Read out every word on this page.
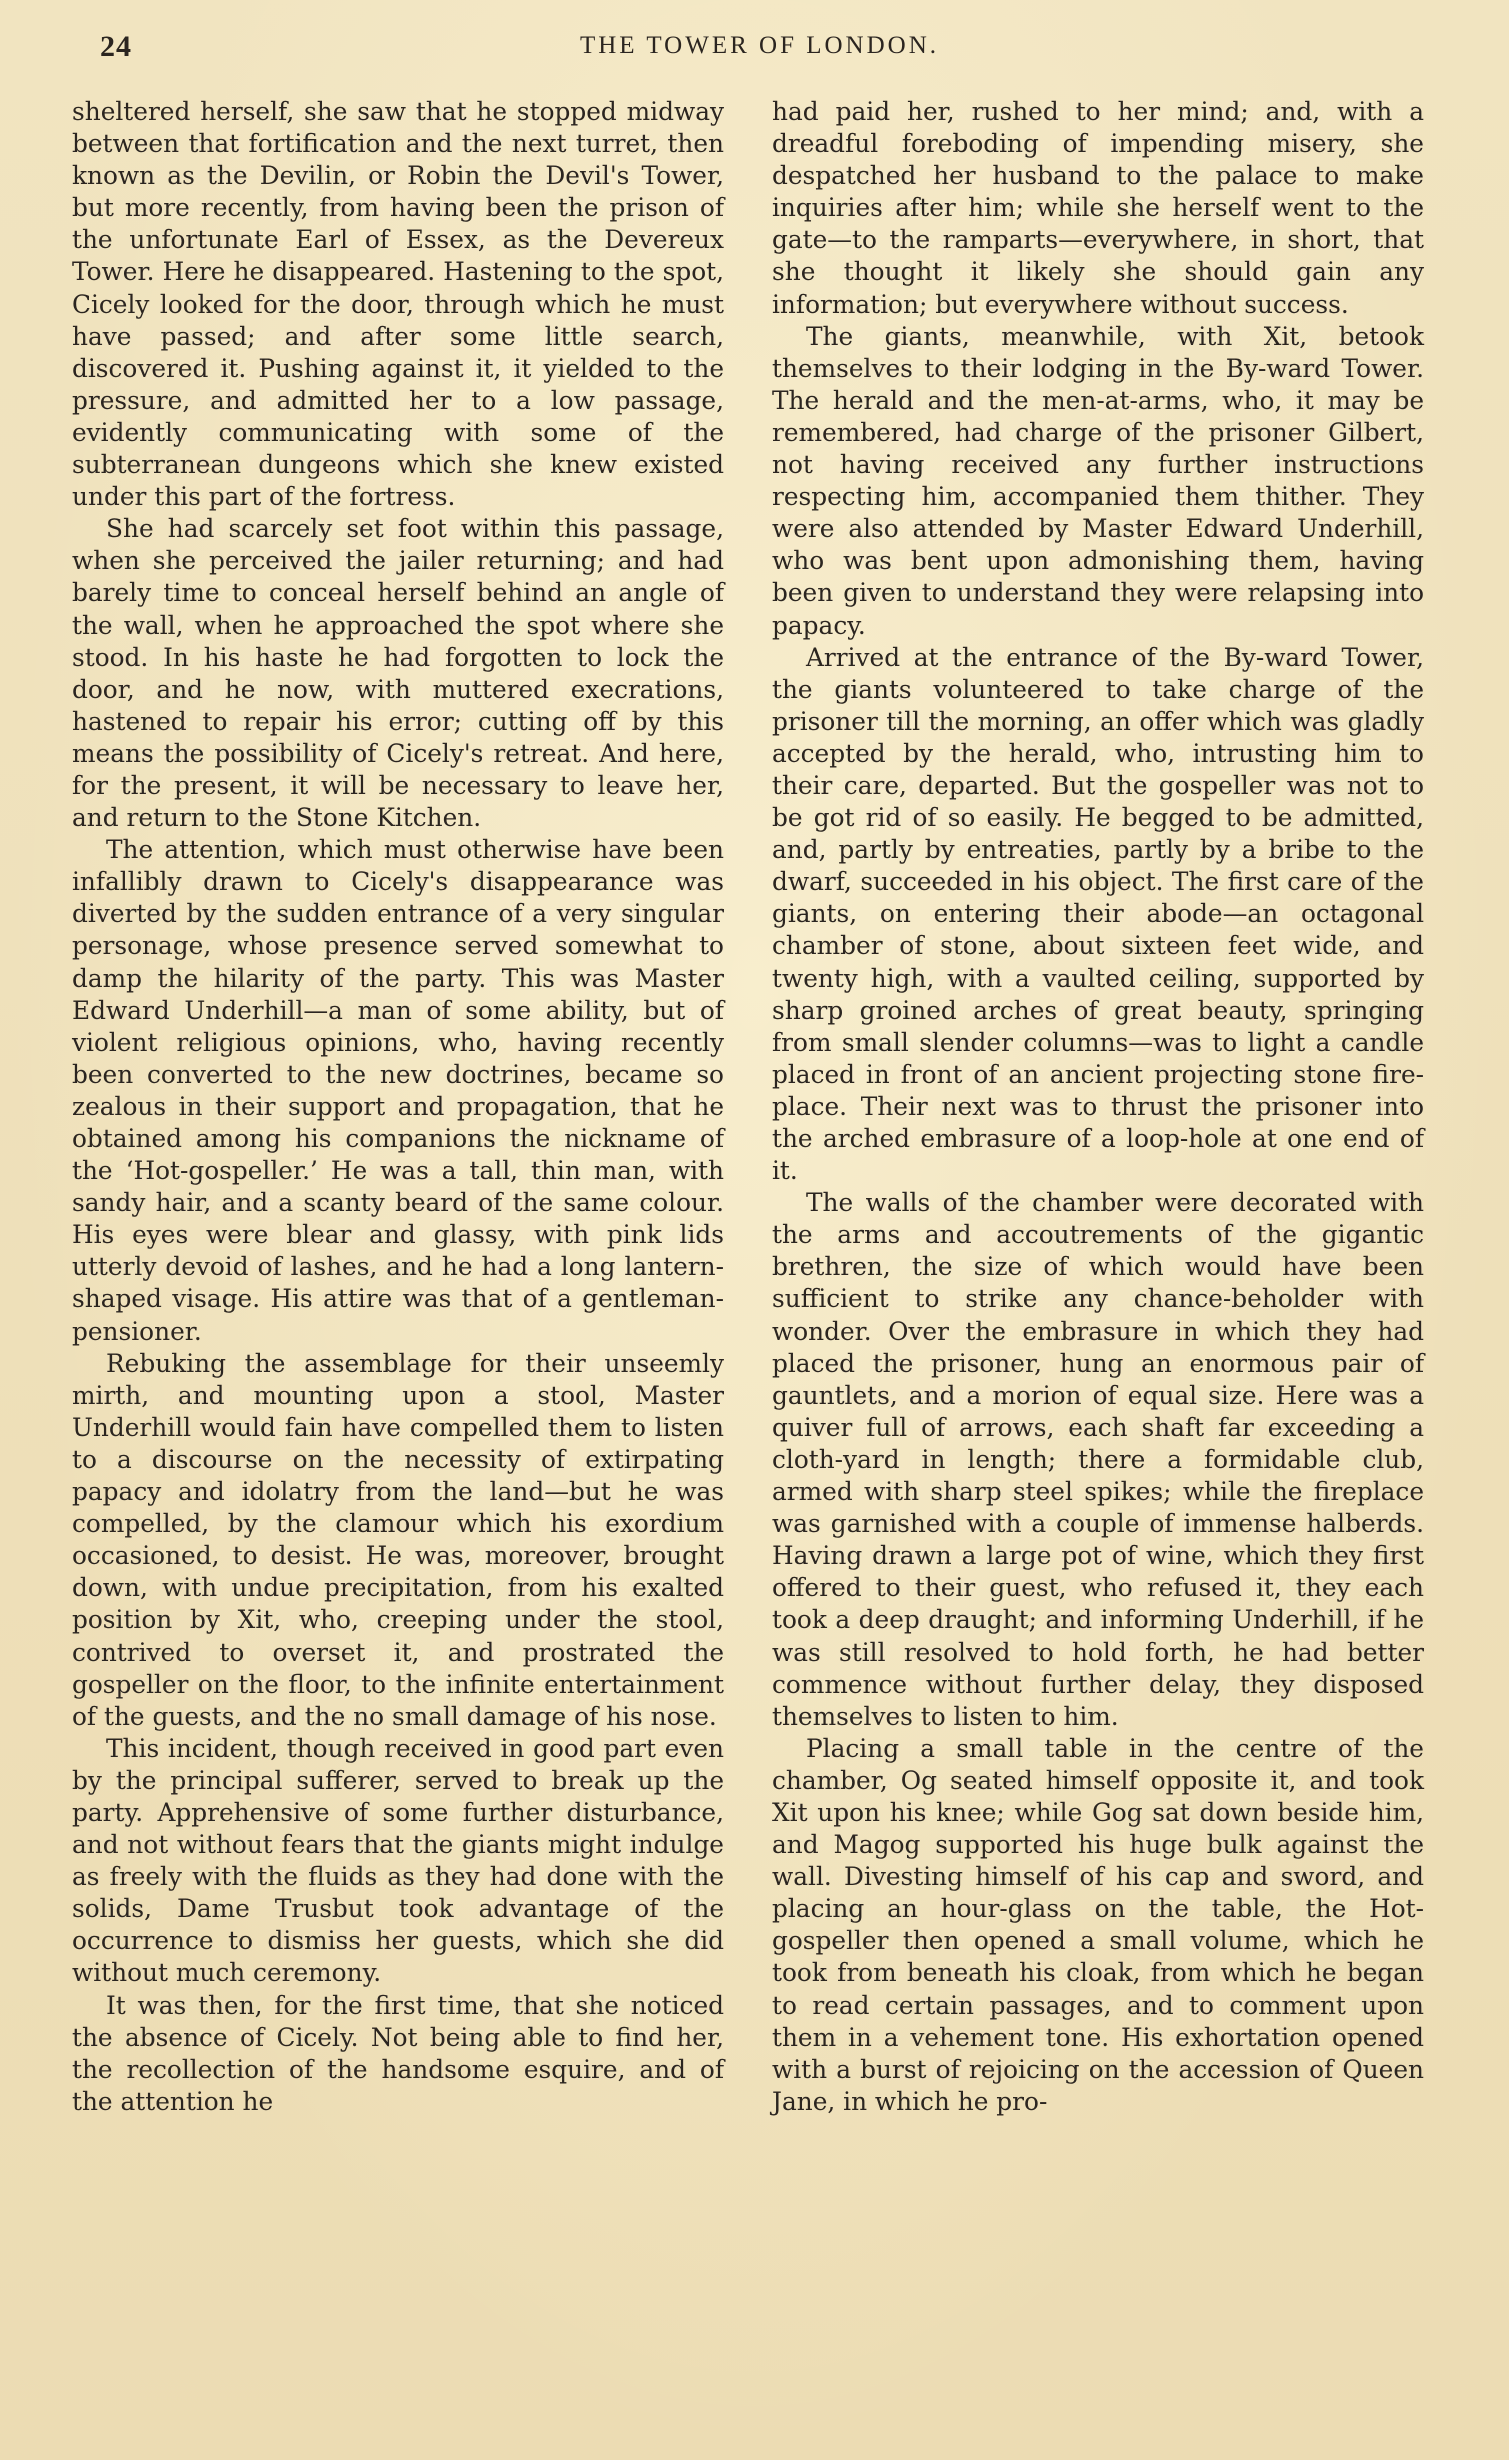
24	THE TOWER OF LONDON.

sheltered herself, she saw that he stopped midway between that fortification and the next turret, then known as the Devilin, or Robin the Devil's Tower, but more recently, from having been the prison of the unfortunate Earl of Essex, as the Devereux Tower. Here he disappeared. Hastening to the spot, Cicely looked for the door, through which he must have passed; and after some little search, discovered it. Pushing against it, it yielded to the pressure, and admitted her to a low passage, evidently communicating with some of the subterranean dungeons which she knew existed under this part of the fortress.

She had scarcely set foot within this passage, when she perceived the jailer returning; and had barely time to conceal herself behind an angle of the wall, when he approached the spot where she stood. In his haste he had forgotten to lock the door, and he now, with muttered execrations, hastened to repair his error; cutting off by this means the possibility of Cicely's retreat. And here, for the present, it will be necessary to leave her, and return to the Stone Kitchen.

The attention, which must otherwise have been infallibly drawn to Cicely's disappearance was diverted by the sudden entrance of a very singular personage, whose presence served somewhat to damp the hilarity of the party. This was Master Edward Underhill—a man of some ability, but of violent religious opinions, who, having recently been converted to the new doctrines, became so zealous in their support and propagation, that he obtained among his companions the nickname of the ‘Hot-gospeller.’ He was a tall, thin man, with sandy hair, and a scanty beard of the same colour. His eyes were blear and glassy, with pink lids utterly devoid of lashes, and he had a long lantern-shaped visage. His attire was that of a gentleman-pensioner.

Rebuking the assemblage for their unseemly mirth, and mounting upon a stool, Master Underhill would fain have compelled them to listen to a discourse on the necessity of extirpating papacy and idolatry from the land—but he was compelled, by the clamour which his exordium occasioned, to desist. He was, moreover, brought down, with undue precipitation, from his exalted position by Xit, who, creeping under the stool, contrived to overset it, and prostrated the gospeller on the floor, to the infinite entertainment of the guests, and the no small damage of his nose.

This incident, though received in good part even by the principal sufferer, served to break up the party. Apprehensive of some further disturbance, and not without fears that the giants might indulge as freely with the fluids as they had done with the solids, Dame Trusbut took advantage of the occurrence to dismiss her guests, which she did without much ceremony.

It was then, for the first time, that she noticed the absence of Cicely. Not being able to find her, the recollection of the handsome esquire, and of the attention he

had paid her, rushed to her mind; and, with a dreadful foreboding of impending misery, she despatched her husband to the palace to make inquiries after him; while she herself went to the gate—to the ramparts—everywhere, in short, that she thought it likely she should gain any information; but everywhere without success.

The giants, meanwhile, with Xit, betook themselves to their lodging in the By-ward Tower. The herald and the men-at-arms, who, it may be remembered, had charge of the prisoner Gilbert, not having received any further instructions respecting him, accompanied them thither. They were also attended by Master Edward Underhill, who was bent upon admonishing them, having been given to understand they were relapsing into papacy.

Arrived at the entrance of the By-ward Tower, the giants volunteered to take charge of the prisoner till the morning, an offer which was gladly accepted by the herald, who, intrusting him to their care, departed. But the gospeller was not to be got rid of so easily. He begged to be admitted, and, partly by entreaties, partly by a bribe to the dwarf, succeeded in his object. The first care of the giants, on entering their abode—an octagonal chamber of stone, about sixteen feet wide, and twenty high, with a vaulted ceiling, supported by sharp groined arches of great beauty, springing from small slender columns—was to light a candle placed in front of an ancient projecting stone fire-place. Their next was to thrust the prisoner into the arched embrasure of a loop-hole at one end of it.

The walls of the chamber were decorated with the arms and accoutrements of the gigantic brethren, the size of which would have been sufficient to strike any chance-beholder with wonder. Over the embrasure in which they had placed the prisoner, hung an enormous pair of gauntlets, and a morion of equal size. Here was a quiver full of arrows, each shaft far exceeding a cloth-yard in length; there a formidable club, armed with sharp steel spikes; while the fireplace was garnished with a couple of immense halberds. Having drawn a large pot of wine, which they first offered to their guest, who refused it, they each took a deep draught; and informing Underhill, if he was still resolved to hold forth, he had better commence without further delay, they disposed themselves to listen to him.

Placing a small table in the centre of the chamber, Og seated himself opposite it, and took Xit upon his knee; while Gog sat down beside him, and Magog supported his huge bulk against the wall. Divesting himself of his cap and sword, and placing an hour-glass on the table, the Hot-gospeller then opened a small volume, which he took from beneath his cloak, from which he began to read certain passages, and to comment upon them in a vehement tone. His exhortation opened with a burst of rejoicing on the accession of Queen Jane, in which he pro-
